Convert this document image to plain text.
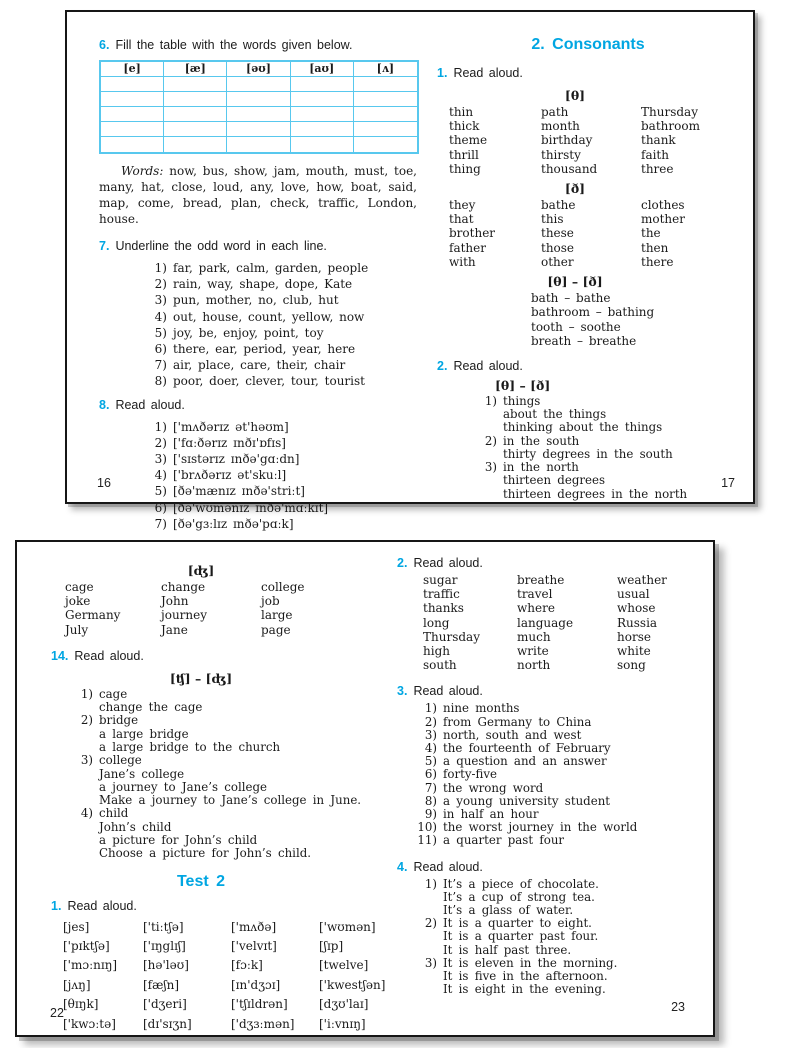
6. Fill the table with the words given below.

[e]	[æ]	[əʊ]	[aʊ]	[ʌ]

Words: now, bus, show, jam, mouth, must, toe, many, hat, close, loud, any, love, how, boat, said, map, come, bread, plan, check, traffic, London, house.

7. Underline the odd word in each line.

1) far, park, calm, garden, people
2) rain, way, shape, dope, Kate
3) pun, mother, no, club, hut
4) out, house, count, yellow, now
5) joy, be, enjoy, point, toy
6) there, ear, period, year, here
7) air, place, care, their, chair
8) poor, doer, clever, tour, tourist

8. Read aloud.

1) ['mʌðərɪz ət'həʊm]
2) ['fɑːðərɪz ɪnðɪ'ɒfɪs]
3) ['sɪstərɪz ɪnðə'gɑːdn]
4) ['brʌðərɪz ət'skuːl]
5) [ðə'mænɪz ɪnðə'striːt]
6) [ðə'wʊmənɪz ɪnðə'mɑːkɪt]
7) [ðə'gɜːlɪz ɪnðə'pɑːk]
2. Consonants

1. Read aloud.

[θ]
thin	path	Thursday
thick	month	bathroom
theme	birthday	thank
thrill	thirsty	faith
thing	thousand	three
[ð]
they	bathe	clothes
that	this	mother
brother	these	the
father	those	then
with	other	there
[θ] – [ð]
bath – bathe
bathroom – bathing
tooth – soothe
breath – breathe

2. Read aloud.

[θ] – [ð]
1) things
about the things
thinking about the things
2) in the south
thirty degrees in the south
3) in the north
thirteen degrees
thirteen degrees in the north
16	17
[ʤ]
cage	change	college
joke	John	job
Germany	journey	large
July	Jane	page

14. Read aloud.

[ʧ] – [ʤ]
1) cage
change the cage
2) bridge
a large bridge
a large bridge to the church
3) college
Jane’s college
a journey to Jane’s college
Make a journey to Jane’s college in June.
4) child
John’s child
a picture for John’s child
Choose a picture for John’s child.
Test 2

1. Read aloud.

[jes]	['tiːtʃə]	['mʌðə]	['wʊmən]
['pɪktʃə]	['ɪŋglɪʃ]	['velvɪt]	[ʃɪp]
['mɔːnɪŋ]	[hə'ləʊ]	[fɔːk]	[twelve]
[jʌŋ]	[fæʃn]	[ɪn'dʒɔɪ]	['kwestʃən]
[θɪŋk]	['dʒeri]	['tʃɪldrən]	[dʒʊ'laɪ]
['kwɔːtə]	[dɪ'sɪʒn]	['dʒɜːmən]	['iːvnɪŋ]

2. Read aloud.

sugar	breathe	weather
traffic	travel	usual
thanks	where	whose
long	language	Russia
Thursday	much	horse
high	write	white
south	north	song

3. Read aloud.

1) nine months
2) from Germany to China
3) north, south and west
4) the fourteenth of February
5) a question and an answer
6) forty-five
7) the wrong word
8) a young university student
9) in half an hour
10) the worst journey in the world
11) a quarter past four

4. Read aloud.

1) It’s a piece of chocolate.
It’s a cup of strong tea.
It’s a glass of water.
2) It is a quarter to eight.
It is a quarter past four.
It is half past three.
3) It is eleven in the morning.
It is five in the afternoon.
It is eight in the evening.
22	23
